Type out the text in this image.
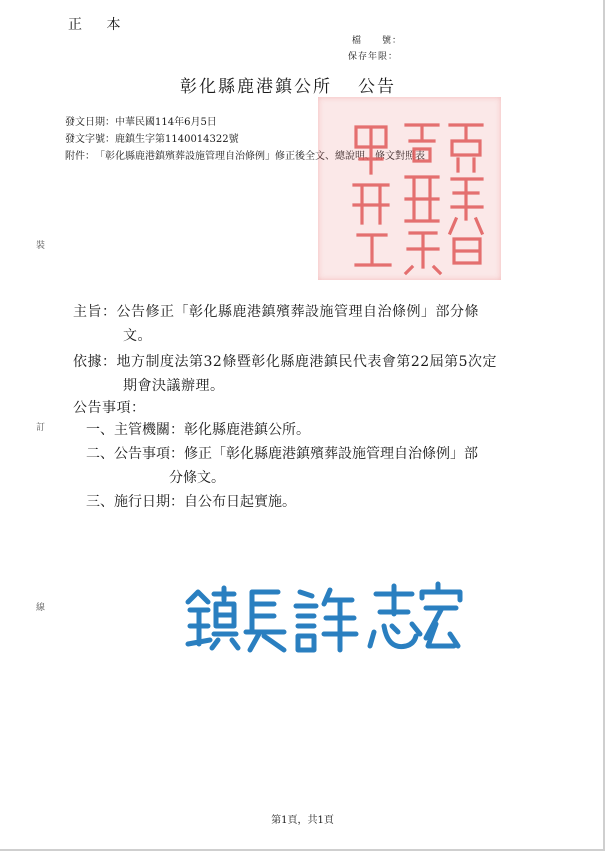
正 本
檔　　號：
保存年限：
彰化縣鹿港鎮公所 公告
發文日期：中華民國114年6月5日
發文字號：鹿鎮生字第1140014322號
附件：「彰化縣鹿港鎮殯葬設施管理自治條例」修正後全文、總說明、條文對照表
裝
訂
線
主旨：公告修正「彰化縣鹿港鎮殯葬設施管理自治條例」部分條
文。
依據：地方制度法第32條暨彰化縣鹿港鎮民代表會第22屆第5次定
期會決議辦理。
公告事項：
一、主管機關：彰化縣鹿港鎮公所。
二、公告事項：修正「彰化縣鹿港鎮殯葬設施管理自治條例」部
分條文。
三、施行日期：自公布日起實施。
第1頁，共1頁
